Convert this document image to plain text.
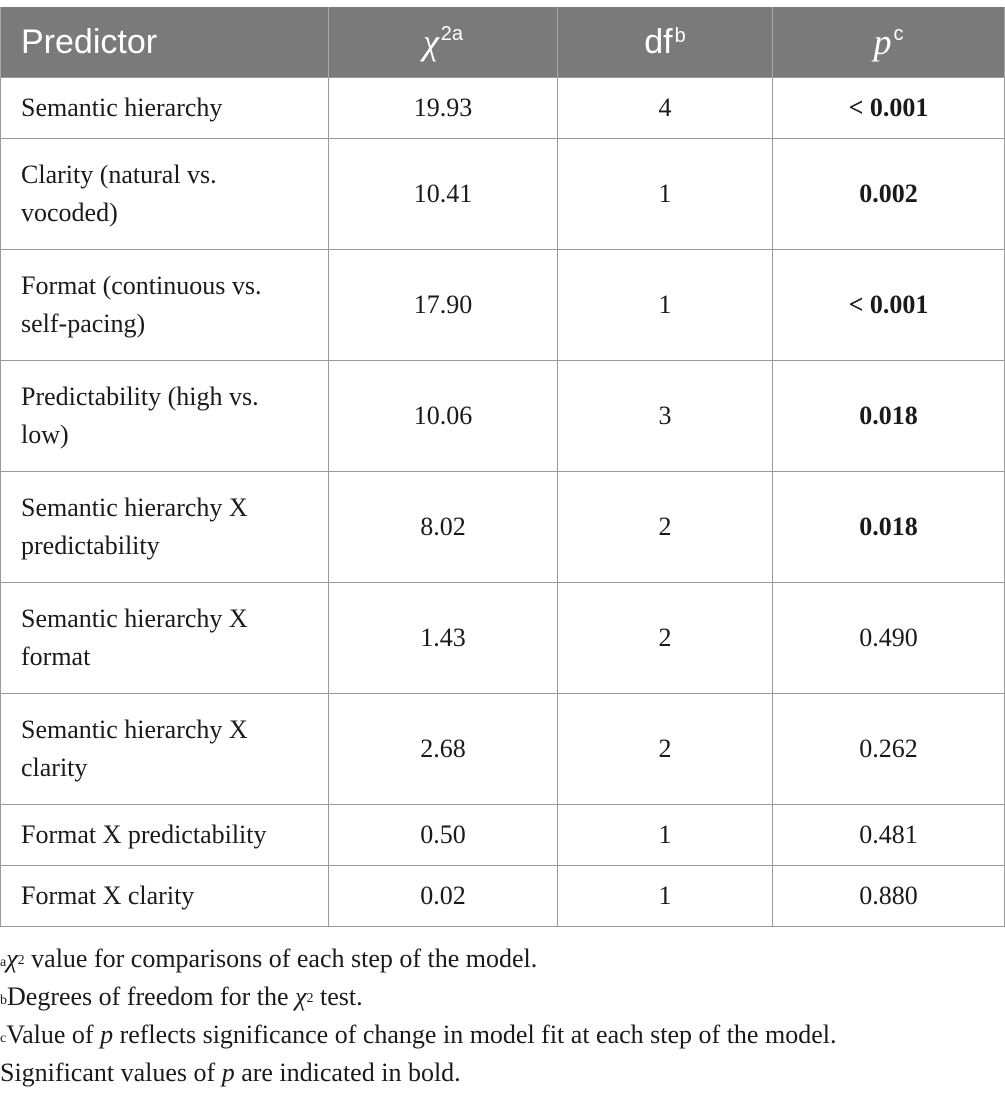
Predictor	χ $^{2a}$	df $^b$	p $^c$
Semantic hierarchy	19.93	4	< 0.001
Clarity (natural vs. vocoded)	10.41	1	0.002
Format (continuous vs. self-pacing)	17.90	1	< 0.001
Predictability (high vs. low)	10.06	3	0.018
Semantic hierarchy X predictability	8.02	2	0.018
Semantic hierarchy X format	1.43	2	0.490
Semantic hierarchy X clarity	2.68	2	0.262
Format X predictability	0.50	1	0.481
Format X clarity	0.02	1	0.880
$^a\chi^2$ value for comparisons of each step of the model.
$^b$Degrees of freedom for the $\chi^2$ test.
$^c$Value of p reflects significance of change in model fit at each step of the model.
Significant values of p are indicated in bold.
